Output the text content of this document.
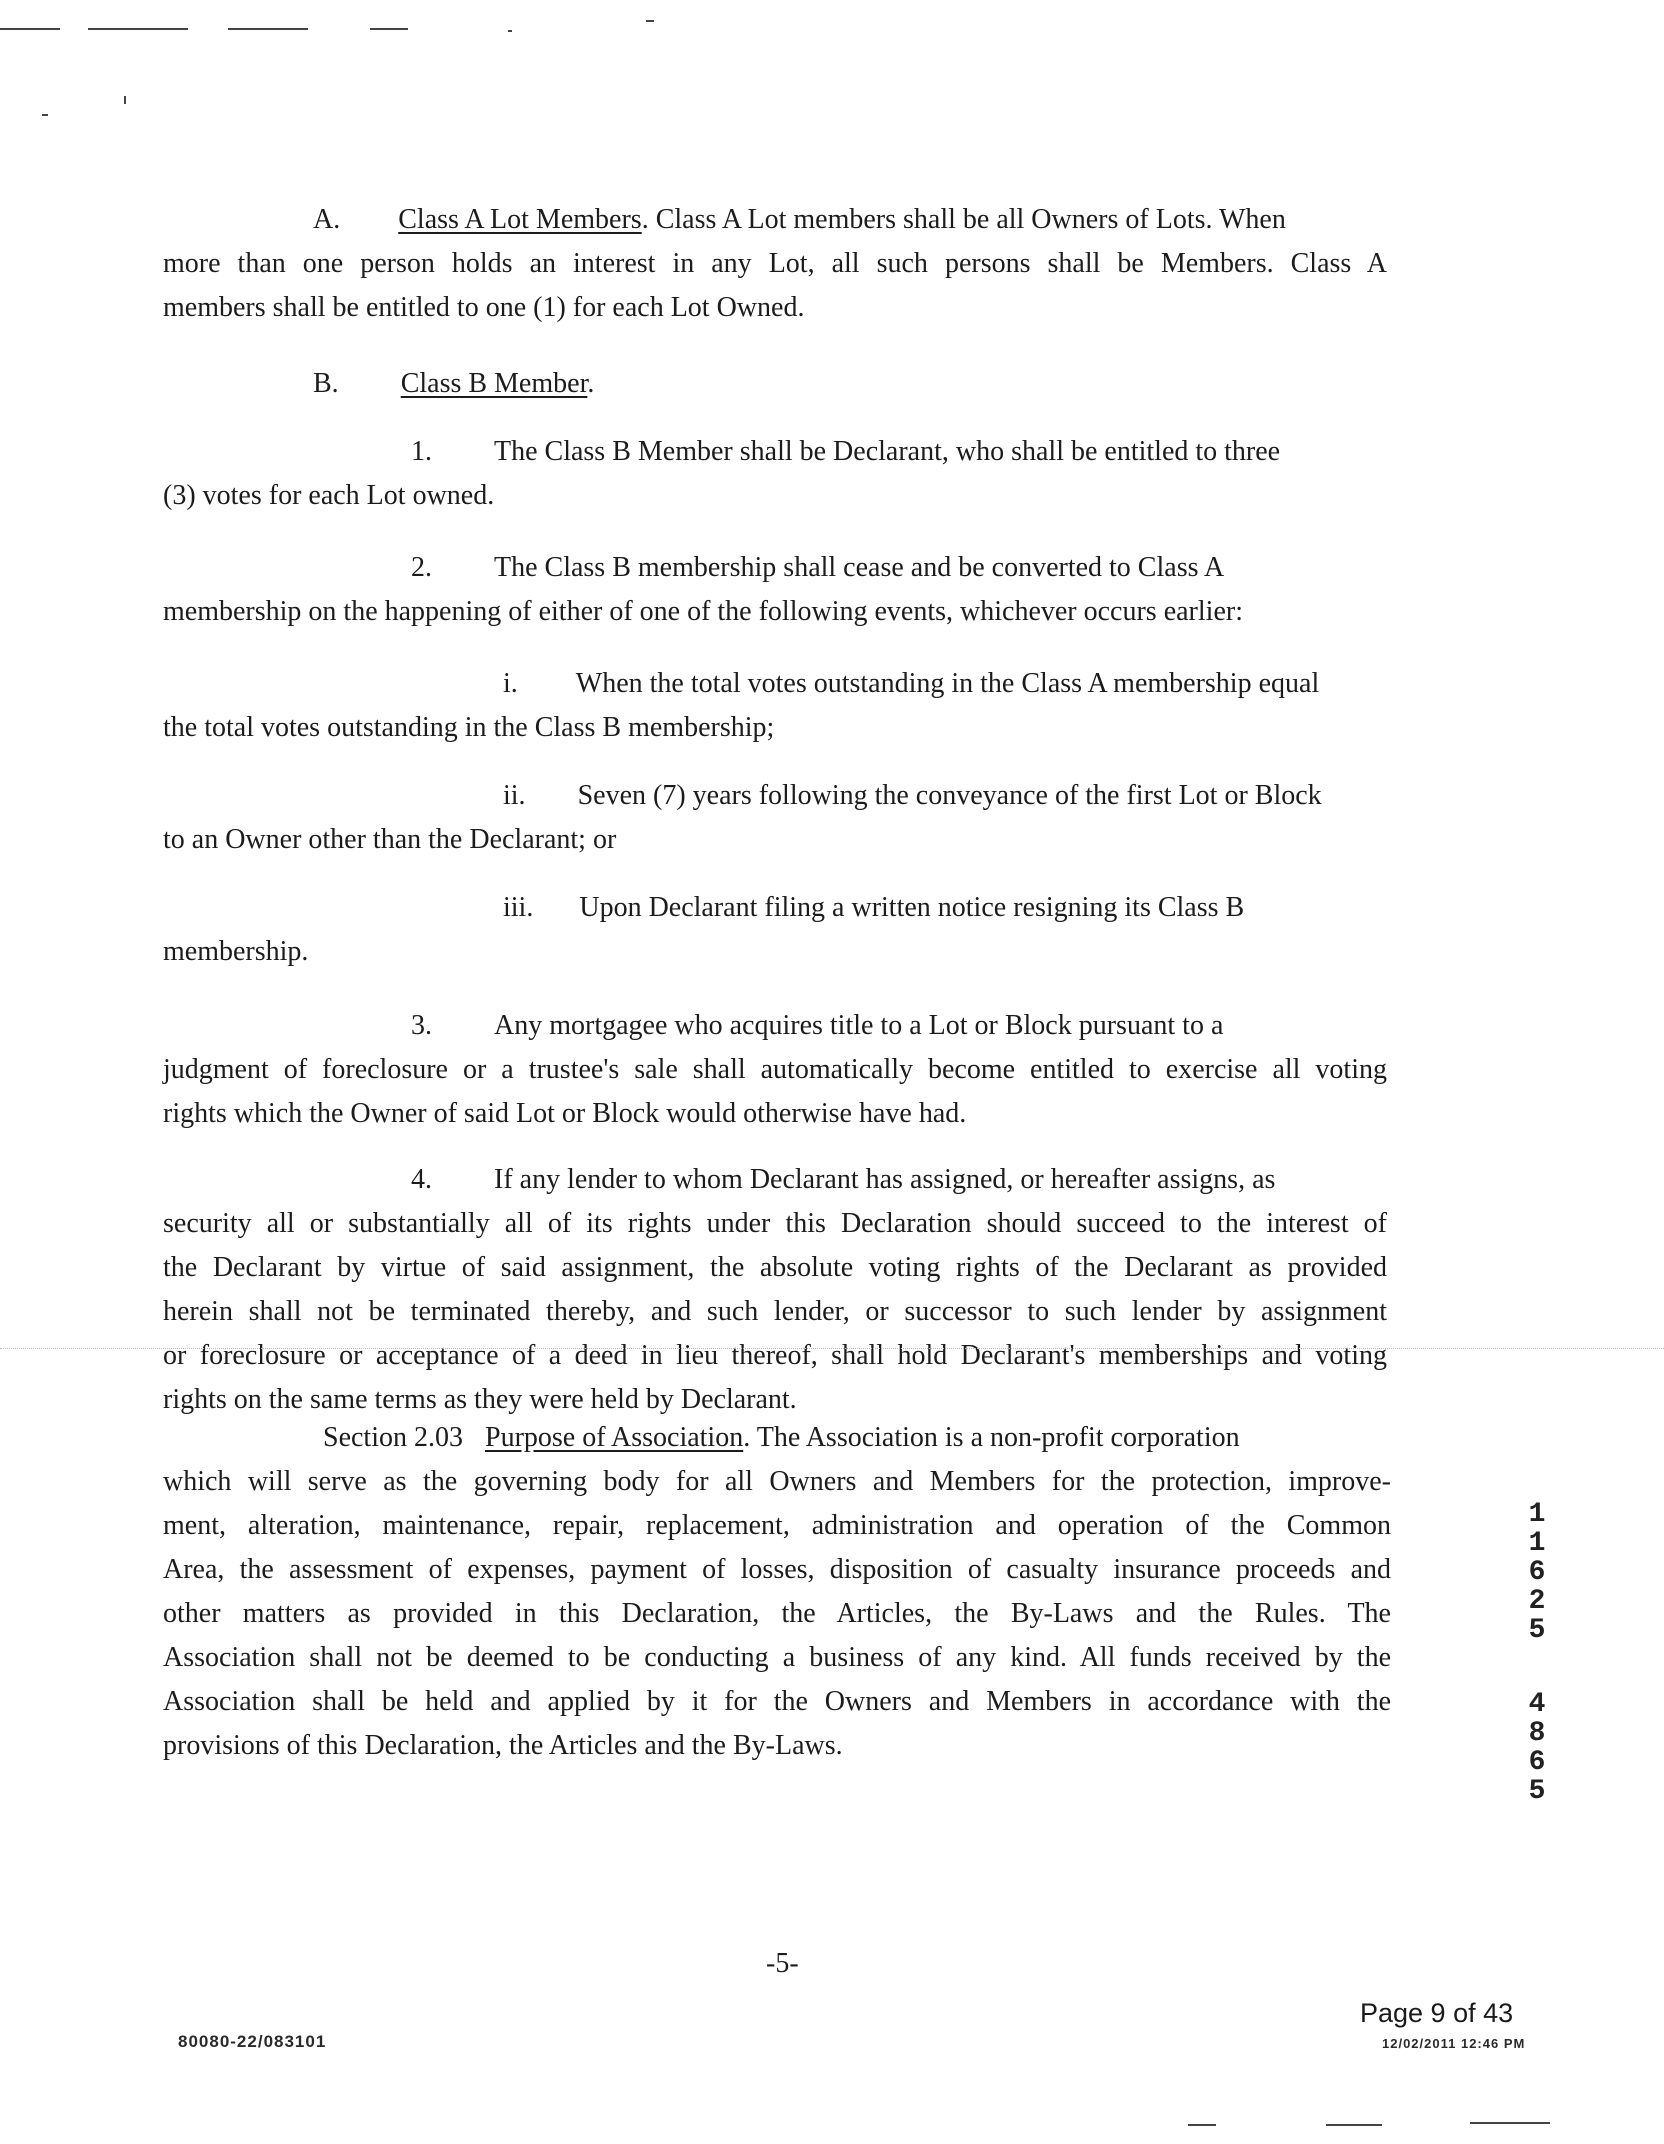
A. Class A Lot Members. Class A Lot members shall be all Owners of Lots. When
more than one person holds an interest in any Lot, all such persons shall be Members. Class A
members shall be entitled to one (1) for each Lot Owned.
B. Class B Member.
1. The Class B Member shall be Declarant, who shall be entitled to three
(3) votes for each Lot owned.
2. The Class B membership shall cease and be converted to Class A
membership on the happening of either of one of the following events, whichever occurs earlier:
i. When the total votes outstanding in the Class A membership equal
the total votes outstanding in the Class B membership;
ii. Seven (7) years following the conveyance of the first Lot or Block
to an Owner other than the Declarant; or
iii. Upon Declarant filing a written notice resigning its Class B
membership.
3. Any mortgagee who acquires title to a Lot or Block pursuant to a
judgment of foreclosure or a trustee's sale shall automatically become entitled to exercise all voting
rights which the Owner of said Lot or Block would otherwise have had.
4. If any lender to whom Declarant has assigned, or hereafter assigns, as
security all or substantially all of its rights under this Declaration should succeed to the interest of
the Declarant by virtue of said assignment, the absolute voting rights of the Declarant as provided
herein shall not be terminated thereby, and such lender, or successor to such lender by assignment
or foreclosure or acceptance of a deed in lieu thereof, shall hold Declarant's memberships and voting
rights on the same terms as they were held by Declarant.
Section 2.03 Purpose of Association. The Association is a non-profit corporation
which will serve as the governing body for all Owners and Members for the protection, improve-
ment, alteration, maintenance, repair, replacement, administration and operation of the Common
Area, the assessment of expenses, payment of losses, disposition of casualty insurance proceeds and
other matters as provided in this Declaration, the Articles, the By-Laws and the Rules. The
Association shall not be deemed to be conducting a business of any kind. All funds received by the
Association shall be held and applied by it for the Owners and Members in accordance with the
provisions of this Declaration, the Articles and the By-Laws.
1
1
6
2
5
4
8
6
5
-5-
80080-22/083101
Page 9 of 43
12/02/2011 12:46 PM
